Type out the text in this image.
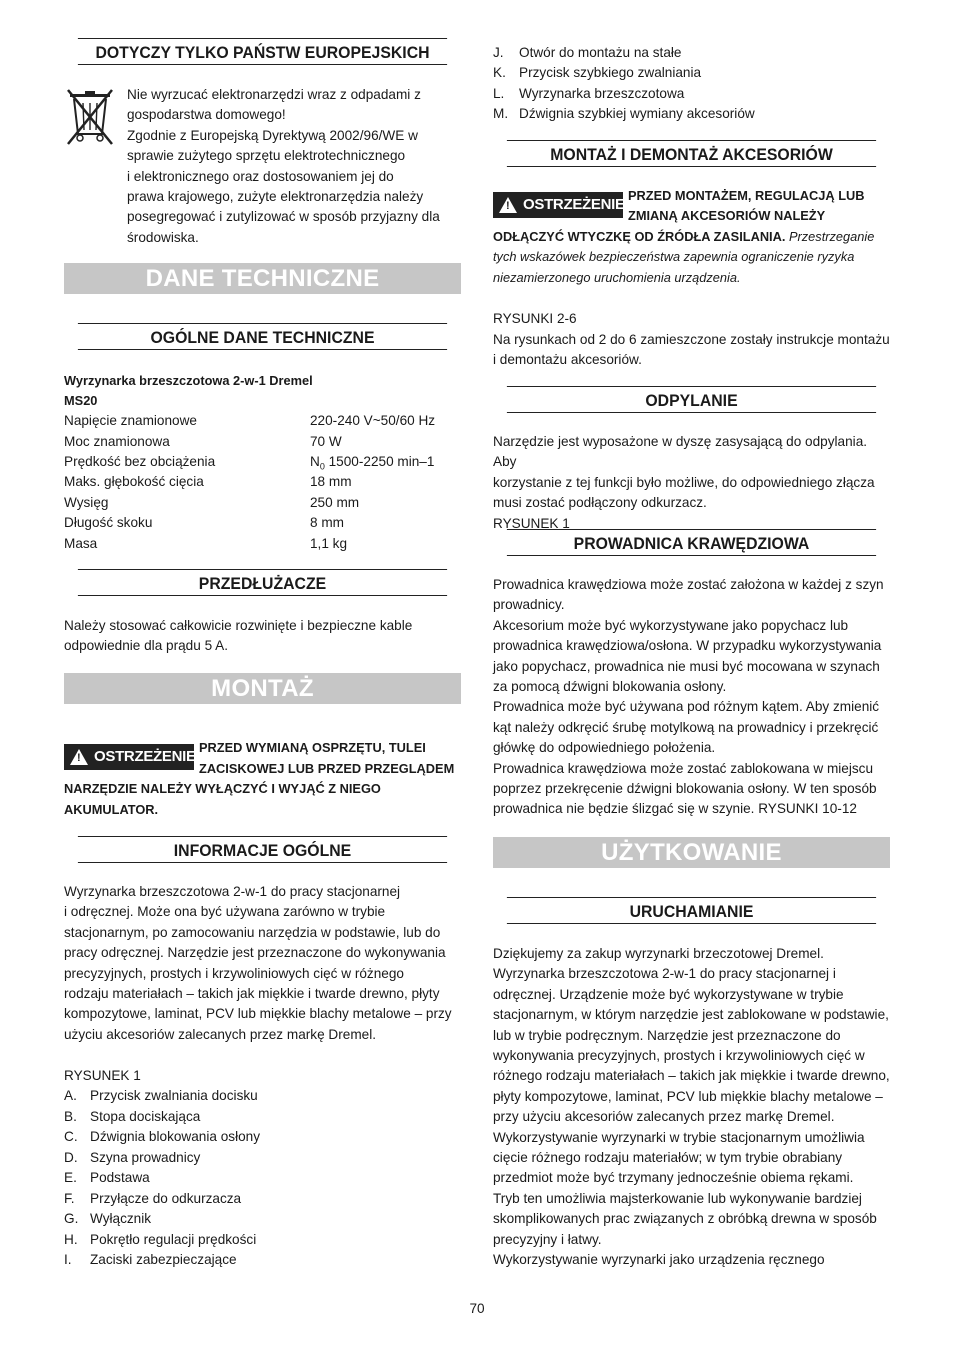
DOTYCZY TYLKO PAŃSTW EUROPEJSKICH

Nie wyrzucać elektronarzędzi wraz z odpadami z

gospodarstwa domowego!

Zgodnie z Europejską Dyrektywą 2002/96/WE w

sprawie zużytego sprzętu elektrotechnicznego

i elektronicznego oraz dostosowaniem jej do

prawa krajowego, zużyte elektronarzędzia należy

posegregować i zutylizować w sposób przyjazny dla

środowiska.

DANE TECHNICZNE
OGÓLNE DANE TECHNICZNE
Wyrzynarka brzeszczotowa 2-w-1 Dremel
MS20
Napięcie znamionowe	220-240 V~50/60 Hz
Moc znamionowa	70 W
Prędkość bez obciążenia	$N_0$ 1500-2250 min–1
Maks. głębokość cięcia	18 mm
Wysięg	250 mm
Długość skoku	8 mm
Masa	1,1 kg
PRZEDŁUŻACZE

Należy stosować całkowicie rozwinięte i bezpieczne kable

odpowiednie dla prądu 5 A.

MONTAŻ
! OSTRZEŻENIE
PRZED WYMIANĄ OSPRZĘTU, TULEI
ZACISKOWEJ LUB PRZED PRZEGLĄDEM
NARZĘDZIE NALEŻY WYŁĄCZYĆ I WYJĄĆ Z NIEGO
AKUMULATOR.
INFORMACJE OGÓLNE

Wyrzynarka brzeszczotowa 2-w-1 do pracy stacjonarnej

i odręcznej. Może ona być używana zarówno w trybie

stacjonarnym, po zamocowaniu narzędzia w podstawie, lub do

pracy odręcznej. Narzędzie jest przeznaczone do wykonywania

precyzyjnych, prostych i krzywoliniowych cięć w różnego

rodzaju materiałach – takich jak miękkie i twarde drewno, płyty

kompozytowe, laminat, PCV lub miękkie blachy metalowe – przy

użyciu akcesoriów zalecanych przez markę Dremel.

RYSUNEK 1
A. Przycisk zwalniania docisku
B. Stopa dociskająca
C. Dźwignia blokowania osłony
D. Szyna prowadnicy
E. Podstawa
F. Przyłącze do odkurzacza
G. Wyłącznik
H. Pokrętło regulacji prędkości
I. Zaciski zabezpieczające
J. Otwór do montażu na stałe
K. Przycisk szybkiego zwalniania
L. Wyrzynarka brzeszczotowa
M. Dźwignia szybkiej wymiany akcesoriów
MONTAŻ I DEMONTAŻ AKCESORIÓW
! OSTRZEŻENIE
PRZED MONTAŻEM, REGULACJĄ LUB
ZMIANĄ AKCESORIÓW NALEŻY
ODŁĄCZYĆ WTYCZKĘ OD ŹRÓDŁA ZASILANIA. Przestrzeganie
tych wskazówek bezpieczeństwa zapewnia ograniczenie ryzyka
niezamierzonego uruchomienia urządzenia.
RYSUNKI 2-6

Na rysunkach od 2 do 6 zamieszczone zostały instrukcje montażu

i demontażu akcesoriów.

ODPYLANIE

Narzędzie jest wyposażone w dyszę zasysającą do odpylania. Aby

korzystanie z tej funkcji było możliwe, do odpowiedniego złącza

musi zostać podłączony odkurzacz.

RYSUNEK 1

PROWADNICA KRAWĘDZIOWA

Prowadnica krawędziowa może zostać założona w każdej z szyn

prowadnicy.

Akcesorium może być wykorzystywane jako popychacz lub

prowadnica krawędziowa/osłona. W przypadku wykorzystywania

jako popychacz, prowadnica nie musi być mocowana w szynach

za pomocą dźwigni blokowania osłony.

Prowadnica może być używana pod różnym kątem. Aby zmienić

kąt należy odkręcić śrubę motylkową na prowadnicy i przekręcić

główkę do odpowiedniego położenia.

Prowadnica krawędziowa może zostać zablokowana w miejscu

poprzez przekręcenie dźwigni blokowania osłony. W ten sposób

prowadnica nie będzie ślizgać się w szynie. RYSUNKI 10-12

UŻYTKOWANIE
URUCHAMIANIE

Dziękujemy za zakup wyrzynarki brzeczotowej Dremel.

Wyrzynarka brzeszczotowa 2-w-1 do pracy stacjonarnej i

odręcznej. Urządzenie może być wykorzystywane w trybie

stacjonarnym, w którym narzędzie jest zablokowane w podstawie,

lub w trybie podręcznym. Narzędzie jest przeznaczone do

wykonywania precyzyjnych, prostych i krzywoliniowych cięć w

różnego rodzaju materiałach – takich jak miękkie i twarde drewno,

płyty kompozytowe, laminat, PCV lub miękkie blachy metalowe –

przy użyciu akcesoriów zalecanych przez markę Dremel.

Wykorzystywanie wyrzynarki w trybie stacjonarnym umożliwia

cięcie różnego rodzaju materiałów; w tym trybie obrabiany

przedmiot może być trzymany jednocześnie obiema rękami.

Tryb ten umożliwia majsterkowanie lub wykonywanie bardziej

skomplikowanych prac związanych z obróbką drewna w sposób

precyzyjny i łatwy.

Wykorzystywanie wyrzynarki jako urządzenia ręcznego

70
